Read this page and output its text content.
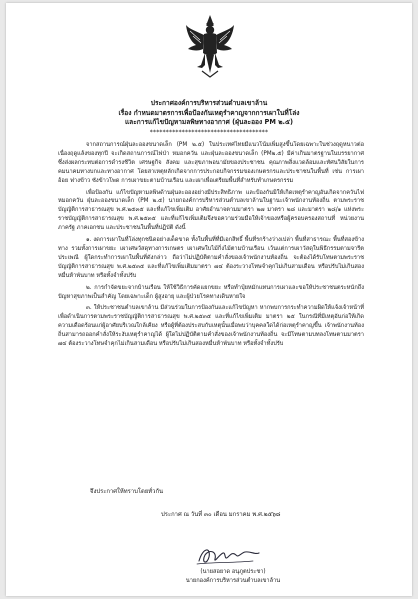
ประกาศองค์การบริหารส่วนตำบลเขาล้าน
เรื่อง กำหนดมาตรการเพื่อป้องกันเหตุรำคาญจากการเผาในที่โล่ง
และการแก้ไขปัญหามลพิษทางอากาศ (ฝุ่นละออง PM ๒.๕)
*************************************

จากสถานการณ์ฝุ่นละอองขนาดเล็ก (PM ๒.๕) ในประเทศไทยมีแนวโน้มเพิ่มสูงขึ้นโดยเฉพาะในช่วงฤดูหนาวต่อเนื่องฤดูแล้งของทุกปี จะเกิดสถานการณ์ไฟป่า หมอกควัน และฝุ่นละอองขนาดเล็ก (PM๒.๕) มีค่าเกินมาตรฐานในบรรยากาศ ซึ่งส่งผลกระทบต่อการดำรงชีวิต เศรษฐกิจ สังคม และสุขภาพอนามัยของประชาชน คุณภาพสิ่งแวดล้อมและทัศนวิสัยในการคมนาคมทางบกและทางอากาศ โดยสาเหตุหลักเกิดจากการประกอบกิจกรรมของเกษตรกรและประชาชนในพื้นที่ เช่น การเผาอ้อย ฟางข้าว ซังข้าวโพด การเผาขยะตามบ้านเรือน และเผาเพื่อเตรียมพื้นที่สำหรับทำเกษตรกรรม

เพื่อป้องกัน แก้ไขปัญหามลพิษด้านฝุ่นละอองอย่างมีประสิทธิภาพ และป้องกันมิให้เกิดเหตุรำคาญอันเกิดจากควันไฟ หมอกควัน ฝุ่นละอองขนาดเล็ก (PM ๒.๕) นายกองค์การบริหารส่วนตำบลเขาล้านในฐานะเจ้าพนักงานท้องถิ่น ตามพระราชบัญญัติการสาธารณสุข พ.ศ.๒๕๓๕ และที่แก้ไขเพิ่มเติม อาศัยอำนาจตามมาตรา ๒๗ มาตรา ๒๘ และมาตรา ๒๘/๑ แห่งพระราชบัญญัติการสาธารณสุข พ.ศ.๒๕๓๕ และที่แก้ไขเพิ่มเติมจึงขอความร่วมมือให้เจ้าของหรือผู้ครอบครองสถานที่ หน่วยงานภาครัฐ ภาคเอกชน และประชาชนในพื้นที่ปฏิบัติ ดังนี้

๑. งดการเผาในที่โล่งทุกชนิดอย่างเด็ดขาด ทั้งในพื้นที่ที่มีเอกสิทธิ์ พื้นที่รกร้างว่างเปล่า พื้นที่สาธารณะ พื้นที่สองข้างทาง รวมทั้งการเผาขยะ เผาเศษวัสดุทางการเกษตร เผาเศษใบไม้กิ่งไม้ตามบ้านเรือน เว้นแต่การเผาวัสดุในพิธีกรรมตามจารีตประเพณี ผู้ใดกระทำการเผาในพื้นที่ดังกล่าว ถือว่าไม่ปฏิบัติตามคำสั่งของเจ้าพนักงานท้องถิ่น จะต้องได้รับโทษตามพระราชบัญญัติการสาธารณสุข พ.ศ.๒๕๓๕ และที่แก้ไขเพิ่มเติมมาตรา ๗๔ ต้องระวางโทษจำคุกไม่เกินสามเดือน หรือปรับไม่เกินสองหมื่นห้าพันบาท หรือทั้งจำทั้งปรับ

๒. การกำจัดขยะจากบ้านเรือน ให้ใช้วิธีการคัดแยกขยะ หรือทำปุ๋ยหมักแทนการเผาและขอให้ประชาชนตระหนักถึงปัญหาสุขภาพเป็นสำคัญ โดยเฉพาะเด็ก ผู้สูงอายุ และผู้ป่วยโรคทางเดินหายใจ

๓. ให้ประชาชนตำบลเขาล้าน มีส่วนร่วมในการป้องกันและแก้ไขปัญหา หากพบการกระทำความผิดให้แจ้งเจ้าหน้าที่เพื่อดำเนินการตามพระราชบัญญัติการสาธารณสุข พ.ศ.๒๕๓๕ และที่แก้ไขเพิ่มเติม มาตรา ๒๕ ในกรณีที่มีเหตุอันก่อให้เกิดความเดือดร้อนแก่ผู้อาศัยบริเวณใกล้เคียง หรือผู้ที่ต้องประสบกับเหตุนั้นเมื่อพบว่าบุคคลใดได้ก่อเหตุรำคาญขึ้น เจ้าพนักงานท้องถิ่นสามารถออกคำสั่งให้ระงับเหตุรำคาญได้ ผู้ใดไม่ปฏิบัติตามคำสั่งของเจ้าพนักงานท้องถิ่น จะมีโทษตามบทลงโทษตามมาตรา ๗๔ ต้องระวางโทษจำคุกไม่เกินสามเดือน หรือปรับไม่เกินสองหมื่นห้าพันบาท หรือทั้งจำทั้งปรับ

จึงประกาศให้ทราบโดยทั่วกัน
ประกาศ ณ วันที่ ๓๐ เดือน มกราคม พ.ศ.๒๕๖๘
(นายสอยาด อนุภูตประชา)
นายกองค์การบริหารส่วนตำบลเขาล้าน
